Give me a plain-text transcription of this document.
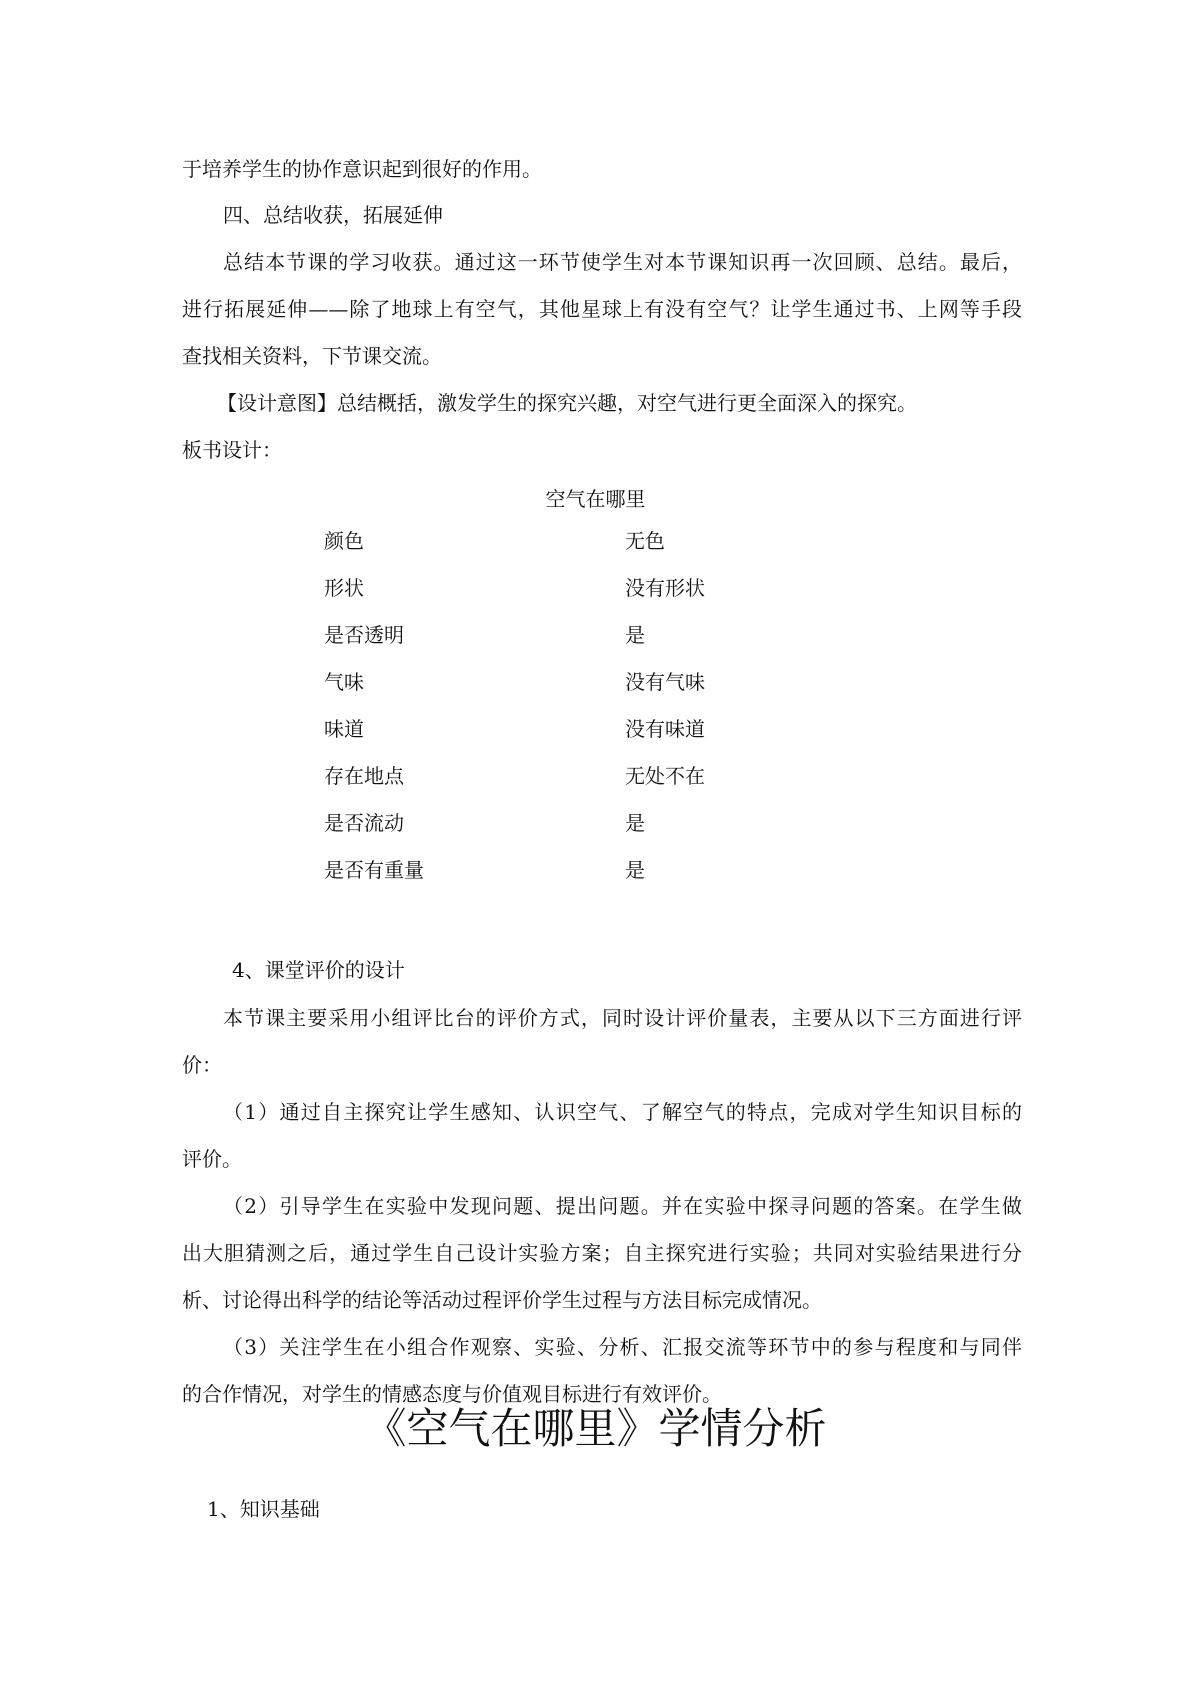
于培养学生的协作意识起到很好的作用。
四、总结收获，拓展延伸
总结本节课的学习收获。通过这一环节使学生对本节课知识再一次回顾、总结。最后，
进行拓展延伸——除了地球上有空气，其他星球上有没有空气？让学生通过书、上网等手段
查找相关资料，下节课交流。
【设计意图】总结概括，激发学生的探究兴趣，对空气进行更全面深入的探究。
板书设计：
空气在哪里
颜色	无色
形状	没有形状
是否透明	是
气味	没有气味
味道	没有味道
存在地点	无处不在
是否流动	是
是否有重量	是
4、课堂评价的设计
本节课主要采用小组评比台的评价方式，同时设计评价量表，主要从以下三方面进行评
价：
（1）通过自主探究让学生感知、认识空气、了解空气的特点，完成对学生知识目标的
评价。
（2）引导学生在实验中发现问题、提出问题。并在实验中探寻问题的答案。在学生做
出大胆猜测之后，通过学生自己设计实验方案；自主探究进行实验；共同对实验结果进行分
析、讨论得出科学的结论等活动过程评价学生过程与方法目标完成情况。
（3）关注学生在小组合作观察、实验、分析、汇报交流等环节中的参与程度和与同伴
的合作情况，对学生的情感态度与价值观目标进行有效评价。
《空气在哪里》学情分析
1、知识基础
